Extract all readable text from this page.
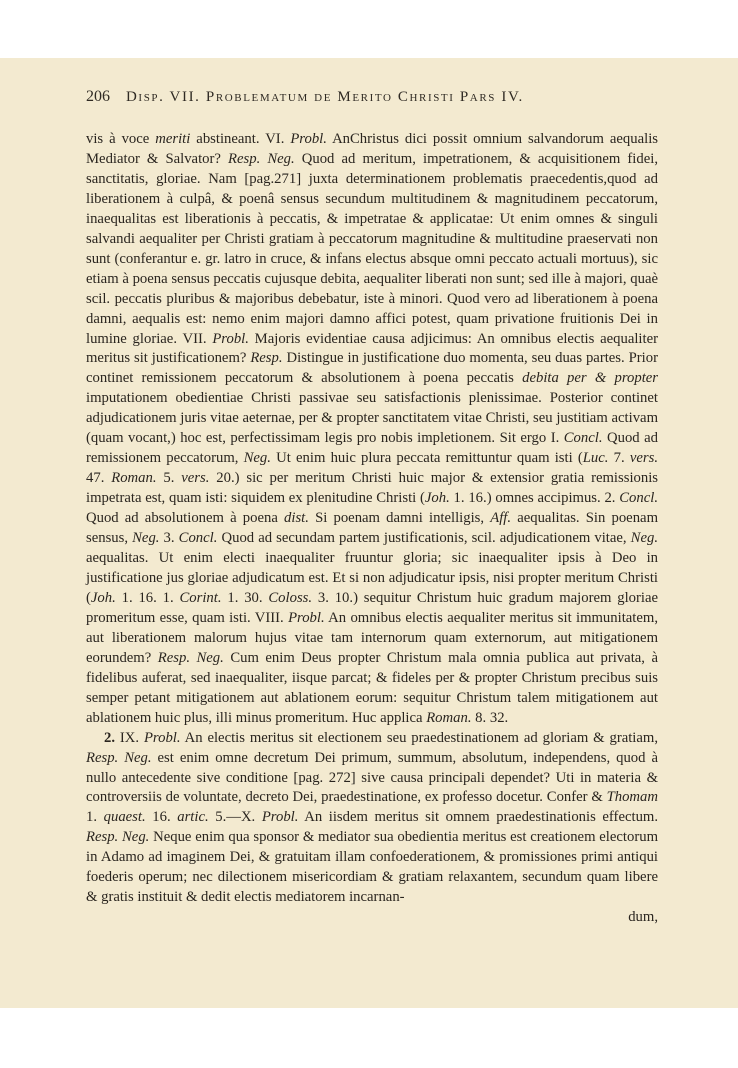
206 Disp. VII. Problematum de Merito Christi Pars IV.

vis à voce meriti abstineant. VI. Probl. AnChristus dici possit omnium salvandorum aequalis Mediator & Salvator? Resp. Neg. Quod ad meritum, impetrationem, & acquisitionem fidei, sanctitatis, gloriae. Nam [pag.271] juxta determinationem problematis praecedentis,quod ad liberationem à culpâ, & poenâ sensus secundum multitudinem & magnitudinem peccatorum, inaequalitas est liberationis à peccatis, & impetratae & applicatae: Ut enim omnes & singuli salvandi aequaliter per Christi gratiam à peccatorum magnitudine & multitudine praeservati non sunt (conferantur e. gr. latro in cruce, & infans electus absque omni peccato actuali mortuus), sic etiam à poena sensus peccatis cujusque debita, aequaliter liberati non sunt; sed ille à majori, quaè scil. peccatis pluribus & majoribus debebatur, iste à minori. Quod vero ad liberationem à poena damni, aequalis est: nemo enim majori damno affici potest, quam privatione fruitionis Dei in lumine gloriae. VII. Probl. Majoris evidentiae causa adjicimus: An omnibus electis aequaliter meritus sit justificationem? Resp. Distingue in justificatione duo momenta, seu duas partes. Prior continet remissionem peccatorum & absolutionem à poena peccatis debita per & propter imputationem obedientiae Christi passivae seu satisfactionis plenissimae. Posterior continet adjudicationem juris vitae aeternae, per & propter sanctitatem vitae Christi, seu justitiam activam (quam vocant,) hoc est, perfectissimam legis pro nobis impletionem. Sit ergo I. Concl. Quod ad remissionem peccatorum, Neg. Ut enim huic plura peccata remittuntur quam isti (Luc. 7. vers. 47. Roman. 5. vers. 20.) sic per meritum Christi huic major & extensior gratia remissionis impetrata est, quam isti: siquidem ex plenitudine Christi (Joh. 1. 16.) omnes accipimus. 2. Concl. Quod ad absolutionem à poena dist. Si poenam damni intelligis, Aff. aequalitas. Sin poenam sensus, Neg. 3. Concl. Quod ad secundam partem justificationis, scil. adjudicationem vitae, Neg. aequalitas. Ut enim electi inaequaliter fruuntur gloria; sic inaequaliter ipsis à Deo in justificatione jus gloriae adjudicatum est. Et si non adjudicatur ipsis, nisi propter meritum Christi (Joh. 1. 16. 1. Corint. 1. 30. Coloss. 3. 10.) sequitur Christum huic gradum majorem gloriae promeritum esse, quam isti. VIII. Probl. An omnibus electis aequaliter meritus sit immunitatem, aut liberationem malorum hujus vitae tam internorum quam externorum, aut mitigationem eorundem? Resp. Neg. Cum enim Deus propter Christum mala omnia publica aut privata, à fidelibus auferat, sed inaequaliter, iisque parcat; & fideles per & propter Christum precibus suis semper petant mitigationem aut ablationem eorum: sequitur Christum talem mitigationem aut ablationem huic plus, illi minus promeritum. Huc applica Roman. 8. 32.

2. IX. Probl. An electis meritus sit electionem seu praedestinationem ad gloriam & gratiam, Resp. Neg. est enim omne decretum Dei primum, summum, absolutum, independens, quod à nullo antecedente sive conditione [pag. 272] sive causa principali dependet? Uti in materia & controversiis de voluntate, decreto Dei, praedestinatione, ex professo docetur. Confer & Thomam 1. quaest. 16. artic. 5.—X. Probl. An iisdem meritus sit omnem praedestinationis effectum. Resp. Neg. Neque enim qua sponsor & mediator sua obedientia meritus est creationem electorum in Adamo ad imaginem Dei, & gratuitam illam confoederationem, & promissiones primi antiqui foederis operum; nec dilectionem misericordiam & gratiam relaxantem, secundum quam libere & gratis instituit & dedit electis mediatorem incarnan-

dum,
